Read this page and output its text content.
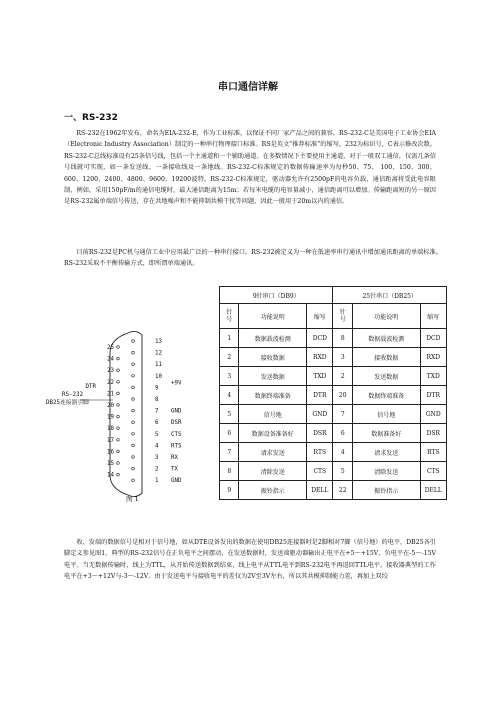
串口通信详解
一、RS-232

RS-232在1962年发布，命名为EIA-232-E，作为工业标准，以保证不同厂家产品之间的兼容。RS-232-C是美国电子工业协会EIA（Electronic Industry Association）制定的一种串行物理接口标准。RS是英文“推荐标准”的缩写，232为标识号，C表示修改次数。RS-232-C总线标准设有25条信号线，包括一个主通道和一个辅助通道。在多数情况下主要使用主通道，对于一般双工通信，仅需几条信号线就可实现，如一条发送线、一条接收线及一条地线。RS-232-C标准规定的数据传输速率为每秒50、75、 100、150、300、600、1200、2400、4800、9600、19200波特。RS-232-C标准规定，驱动器允许有2500pF的电容负载，通信距离将受此电容限制，例如，采用150pF/m的通信电缆时，最大通信距离为15m；若每米电缆的电容量减小，通信距离可以增加。传输距离短的另一原因是RS-232属单端信号传送，存在共地噪声和不能抑制共模干扰等问题，因此一般用于20m以内的通信。

目前RS-232是PC机与通信工业中应用最广泛的一种串行接口。RS-232被定义为一种在低速率串行通讯中增加通讯距离的单端标准。RS-232采取不平衡传输方式，即所谓单端通讯。

25
24
23
22
21
20
19
18
17
16
15
14
13
12
11
10
9
8
7
6
5
4
3
2
1
+9V
GND
DSR
CTS
RTS
RX
TX
GND
DTR
RS-232
DB25连接器引脚
图 1
9针串口（DB9）			25针串口（DB25）		
针号	功能说明	缩写	针号	功能说明	缩写
1	数据载波检测	DCD	8	数据载波检测	DCD
2	接收数据	RXD	3	接收数据	RXD
3	发送数据	TXD	2	发送数据	TXD
4	数据终端准备	DTR	20	数据终端准备	DTR
5	信号地	GND	7	信号地	GND
6	数据设备准备好	DSR	6	数据准备好	DSR
7	请求发送	RTS	4	请求发送	RTS
8	清除发送	CTS	5	清除发送	CTS
9	振铃指示	DELL	22	振铃指示	DELL

收、发端的数据信号是相对于信号地，如从DTE设备发出的数据在使用DB25连接器时是2脚相对7脚（信号地）的电平，DB25各引脚定义参见图1，典型的RS-232信号在正负电平之间摆动，在发送数据时，发送端驱动器输出正电平在+5～+15V，负电平在-5～-15V电平。当无数据传输时，线上为TTL，从开始传送数据到结束，线上电平从TTL电平到RS-232电平再返回TTL电平。接收器典型的工作电平在+3～+12V与-3～-12V。由于发送电平与接收电平的差仅为2V至3V左右，所以其共模抑制能力差，再加上双绞
